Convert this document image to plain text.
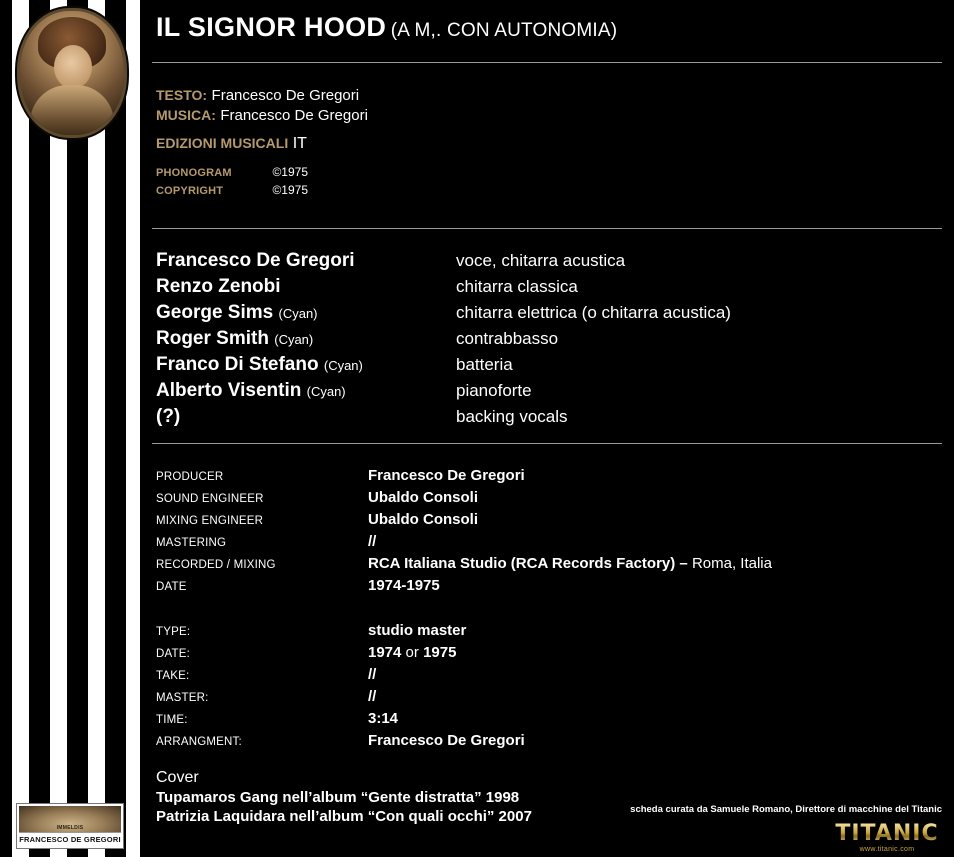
IMMELDIS
FRANCESCO DE GREGORI
IL SIGNOR HOOD (A M,. CON AUTONOMIA)
TESTO: Francesco De Gregori
MUSICA: Francesco De Gregori
EDIZIONI MUSICALI IT
PHONOGRAM	©1975
COPYRIGHT	©1975
Francesco De Gregori	voce, chitarra acustica
Renzo Zenobi	chitarra classica
George Sims (Cyan)	chitarra elettrica (o chitarra acustica)
Roger Smith (Cyan)	contrabbasso
Franco Di Stefano (Cyan)	batteria
Alberto Visentin (Cyan)	pianoforte
(?)	backing vocals
PRODUCER	Francesco De Gregori
SOUND ENGINEER	Ubaldo Consoli
MIXING ENGINEER	Ubaldo Consoli
MASTERING	//
RECORDED / MIXING	RCA Italiana Studio (RCA Records Factory) – Roma, Italia
DATE	1974-1975
TYPE:	studio master
DATE:	1974 or 1975
TAKE:	//
MASTER:	//
TIME:	3:14
ARRANGMENT:	Francesco De Gregori
Cover
Tupamaros Gang nell’album “Gente distratta” 1998
Patrizia Laquidara nell’album “Con quali occhi” 2007	scheda curata da Samuele Romano, Direttore di macchine del Titanic
TITANIC
www.titanic.com
